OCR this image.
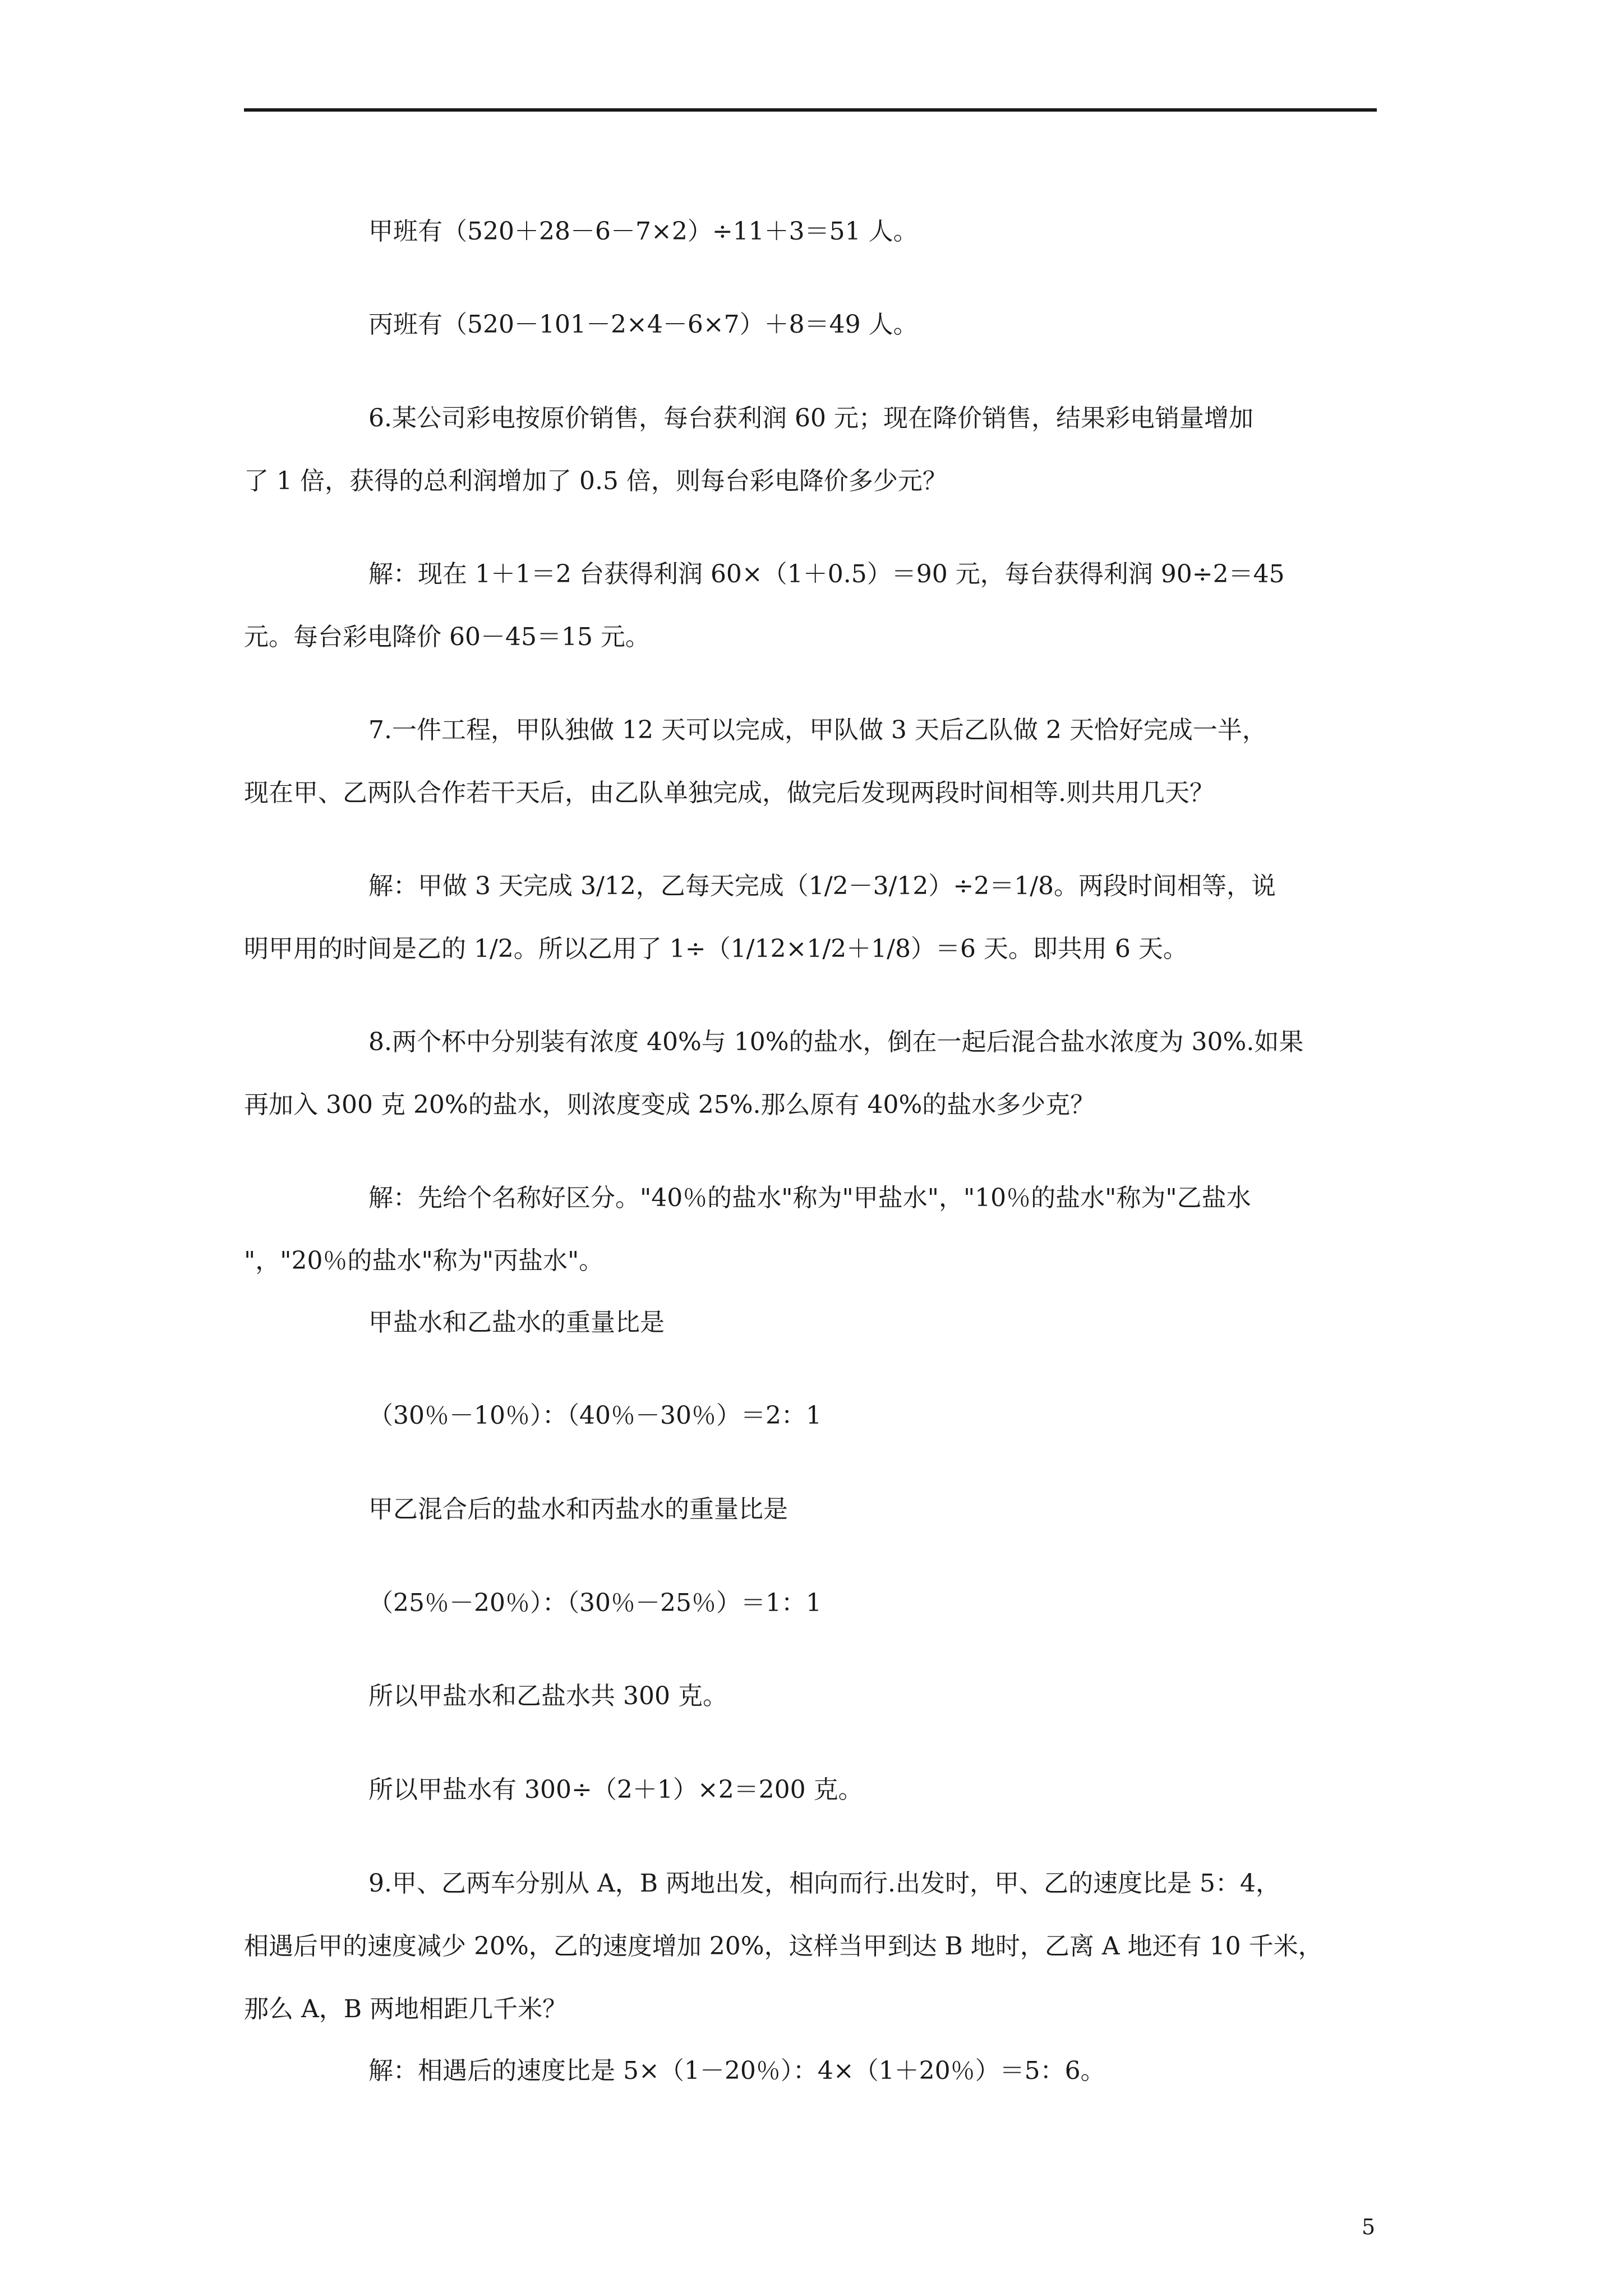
甲班有（520＋28－6－7×2）÷11＋3＝51 人。
丙班有（520－101－2×4－6×7）＋8＝49 人。
6.某公司彩电按原价销售，每台获利润 60 元；现在降价销售，结果彩电销量增加
了 1 倍，获得的总利润增加了 0.5 倍，则每台彩电降价多少元？
解：现在 1＋1＝2 台获得利润 60×（1＋0.5）＝90 元，每台获得利润 90÷2＝45
元。每台彩电降价 60－45＝15 元。
7.一件工程，甲队独做 12 天可以完成，甲队做 3 天后乙队做 2 天恰好完成一半，
现在甲、乙两队合作若干天后，由乙队单独完成，做完后发现两段时间相等.则共用几天？
解：甲做 3 天完成 3/12，乙每天完成（1/2－3/12）÷2＝1/8。两段时间相等，说
明甲用的时间是乙的 1/2。所以乙用了 1÷（1/12×1/2＋1/8）＝6 天。即共用 6 天。
8.两个杯中分别装有浓度 40%与 10%的盐水，倒在一起后混合盐水浓度为 30%.如果
再加入 300 克 20%的盐水，则浓度变成 25%.那么原有 40%的盐水多少克？
解：先给个名称好区分。"40％的盐水"称为"甲盐水"，"10％的盐水"称为"乙盐水
"，"20％的盐水"称为"丙盐水"。
甲盐水和乙盐水的重量比是
（30％－10％）：（40％－30％）＝2：1
甲乙混合后的盐水和丙盐水的重量比是
（25％－20％）：（30％－25％）＝1：1
所以甲盐水和乙盐水共 300 克。
所以甲盐水有 300÷（2＋1）×2＝200 克。
9.甲、乙两车分别从 A，B 两地出发，相向而行.出发时，甲、乙的速度比是 5：4，
相遇后甲的速度减少 20%，乙的速度增加 20%，这样当甲到达 B 地时，乙离 A 地还有 10 千米，
那么 A，B 两地相距几千米？
解：相遇后的速度比是 5×（1－20％）：4×（1＋20％）＝5：6。
5
